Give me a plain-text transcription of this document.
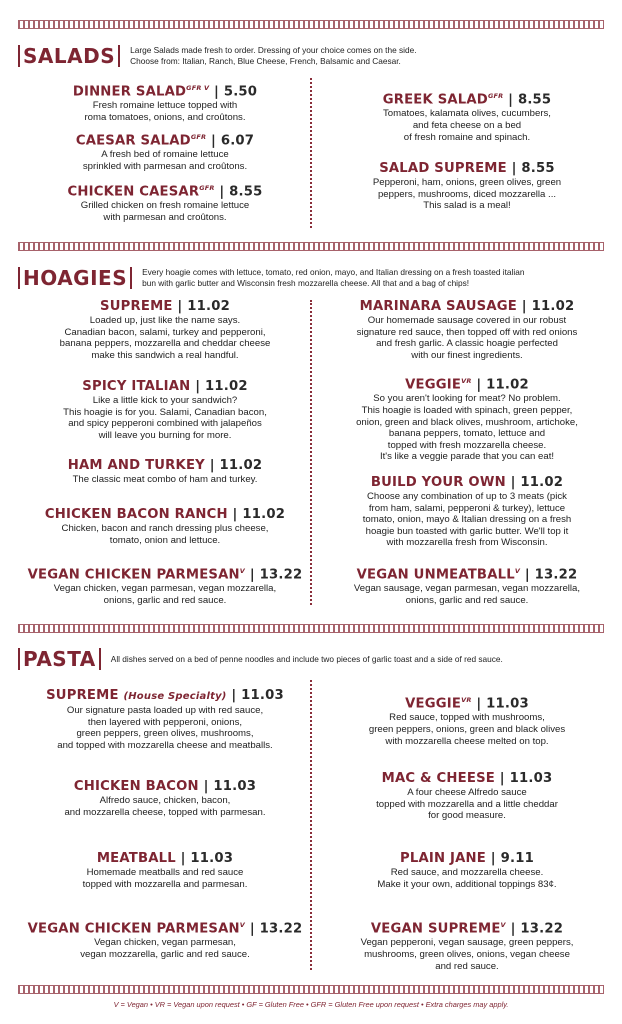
SALADS	Large Salads made fresh to order. Dressing of your choice comes on the side.
Choose from: Italian, Ranch, Blue Cheese, French, Balsamic and Caesar.
HOAGIES	Every hoagie comes with lettuce, tomato, red onion, mayo, and Italian dressing on a fresh toasted italian
bun with garlic butter and Wisconsin fresh mozzarella cheese. All that and a bag of chips!
PASTA	All dishes served on a bed of penne noodles and include two pieces of garlic toast and a side of red sauce.
DINNER $SALAD^{GFR V}$ | 5.50
Fresh romaine lettuce topped with
roma tomatoes, onions, and croûtons.
CAESAR $SALAD^{GFR}$ | 6.07
A fresh bed of romaine lettuce
sprinkled with parmesan and croûtons.
CHICKEN $CAESAR^{GFR}$ | 8.55
Grilled chicken on fresh romaine lettuce
with parmesan and croûtons.
GREEK $SALAD^{GFR}$ | 8.55
Tomatoes, kalamata olives, cucumbers,
and feta cheese on a bed
of fresh romaine and spinach.
SALAD SUPREME | 8.55
Pepperoni, ham, onions, green olives, green
peppers, mushrooms, diced mozzarella ...
This salad is a meal!
SUPREME | 11.02
Loaded up, just like the name says.
Canadian bacon, salami, turkey and pepperoni,
banana peppers, mozzarella and cheddar cheese
make this sandwich a real handful.
SPICY ITALIAN | 11.02
Like a little kick to your sandwich?
This hoagie is for you. Salami, Canadian bacon,
and spicy pepperoni combined with jalapeños
will leave you burning for more.
HAM AND TURKEY | 11.02
The classic meat combo of ham and turkey.
CHICKEN BACON RANCH | 11.02
Chicken, bacon and ranch dressing plus cheese,
tomato, onion and lettuce.
VEGAN CHICKEN $PARMESAN^V$ | 13.22
Vegan chicken, vegan parmesan, vegan mozzarella,
onions, garlic and red sauce.
MARINARA SAUSAGE | 11.02
Our homemade sausage covered in our robust
signature red sauce, then topped off with red onions
and fresh garlic. A classic hoagie perfected
with our finest ingredients.
$VEGGIE^{VR}$ | 11.02
So you aren't looking for meat? No problem.
This hoagie is loaded with spinach, green pepper,
onion, green and black olives, mushroom, artichoke,
banana peppers, tomato, lettuce and
topped with fresh mozzarella cheese.
It's like a veggie parade that you can eat!
BUILD YOUR OWN | 11.02
Choose any combination of up to 3 meats (pick
from ham, salami, pepperoni & turkey), lettuce
tomato, onion, mayo & Italian dressing on a fresh
hoagie bun toasted with garlic butter. We'll top it
with mozzarella fresh from Wisconsin.
VEGAN $UNMEATBALL^V$ | 13.22
Vegan sausage, vegan parmesan, vegan mozzarella,
onions, garlic and red sauce.
SUPREME (House Specialty) | 11.03
Our signature pasta loaded up with red sauce,
then layered with pepperoni, onions,
green peppers, green olives, mushrooms,
and topped with mozzarella cheese and meatballs.
CHICKEN BACON | 11.03
Alfredo sauce, chicken, bacon,
and mozzarella cheese, topped with parmesan.
MEATBALL | 11.03
Homemade meatballs and red sauce
topped with mozzarella and parmesan.
VEGAN CHICKEN $PARMESAN^V$ | 13.22
Vegan chicken, vegan parmesan,
vegan mozzarella, garlic and red sauce.
$VEGGIE^{VR}$ | 11.03
Red sauce, topped with mushrooms,
green peppers, onions, green and black olives
with mozzarella cheese melted on top.
MAC & CHEESE | 11.03
A four cheese Alfredo sauce
topped with mozzarella and a little cheddar
for good measure.
PLAIN JANE | 9.11
Red sauce, and mozzarella cheese.
Make it your own, additional toppings 83¢.
VEGAN $SUPREME^V$ | 13.22
Vegan pepperoni, vegan sausage, green peppers,
mushrooms, green olives, onions, vegan cheese
and red sauce.
V = Vegan • VR = Vegan upon request • GF = Gluten Free • GFR = Gluten Free upon request • Extra charges may apply.
